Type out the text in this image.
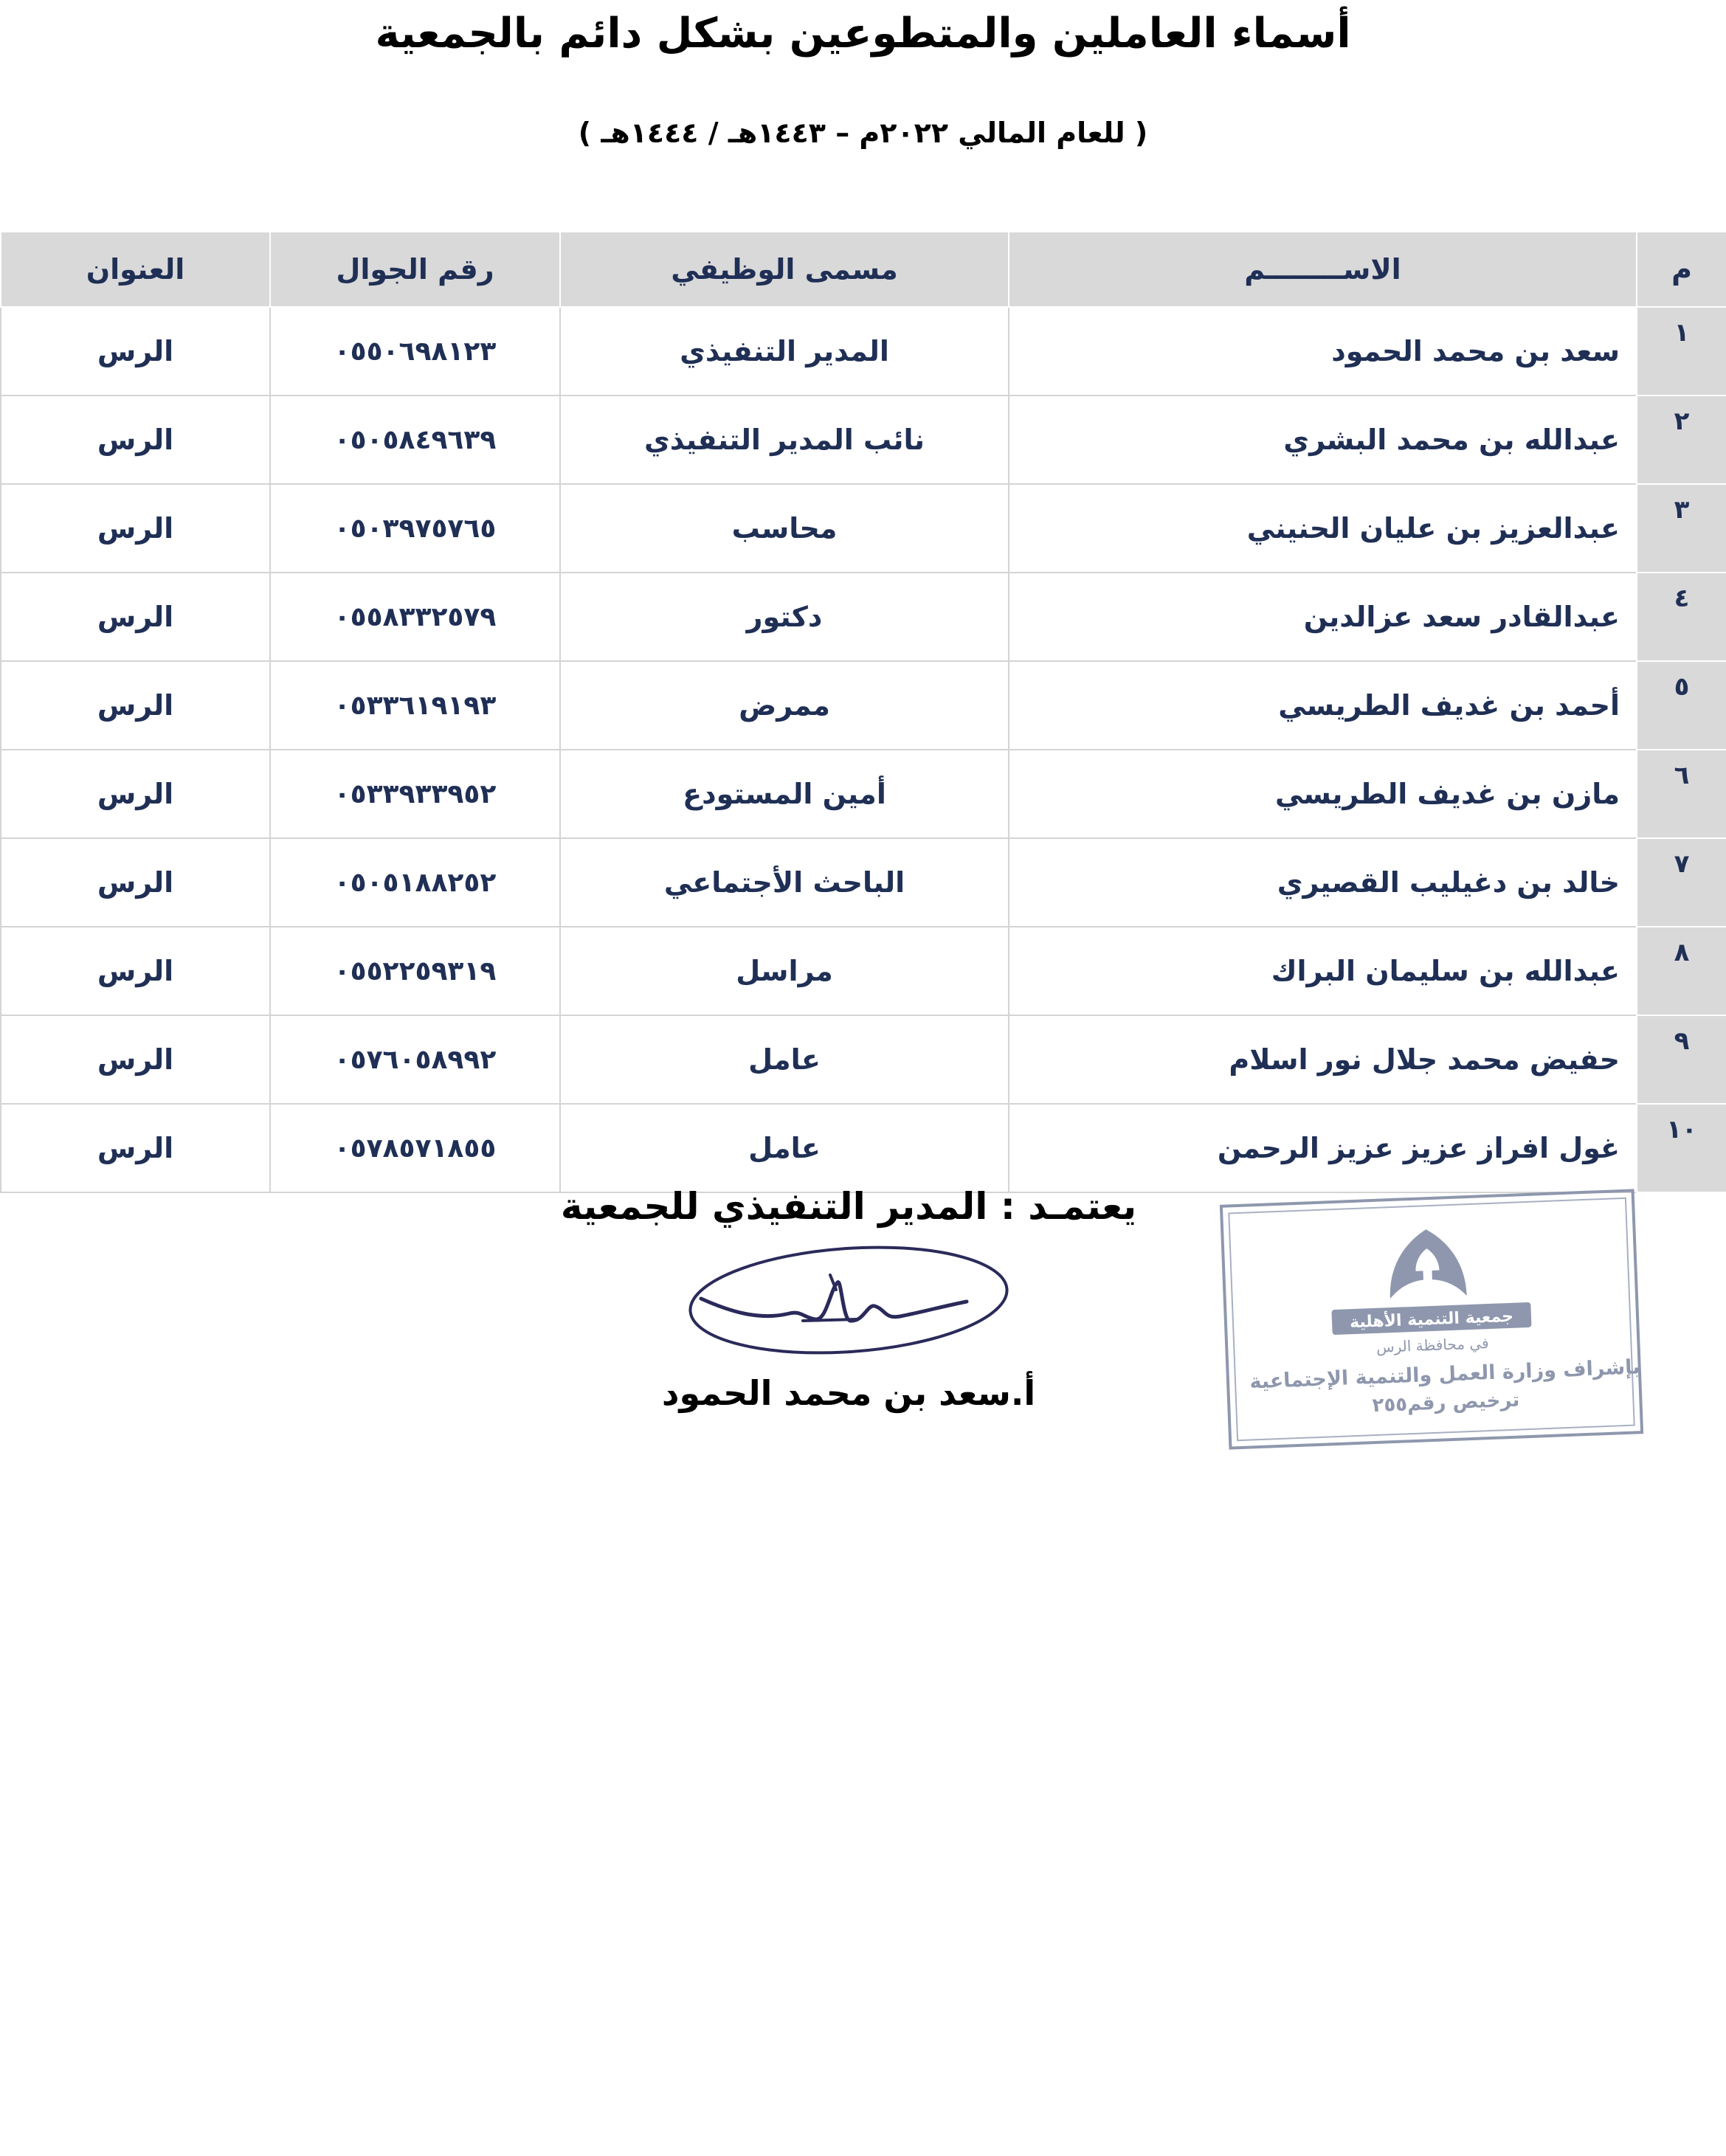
أسماء العاملين والمتطوعين بشكل دائم بالجمعية
( للعام المالي ٢٠٢٢م – ١٤٤٣هـ / ١٤٤٤هـ )
م	الاســــــــم	مسمى الوظيفي	رقم الجوال	العنوان
١	سعد بن محمد الحمود	المدير التنفيذي	٠٥٥٠٦٩٨١٢٣	الرس
٢	عبدالله بن محمد البشري	نائب المدير التنفيذي	٠٥٠٥٨٤٩٦٣٩	الرس
٣	عبدالعزيز بن عليان الحنيني	محاسب	٠٥٠٣٩٧٥٧٦٥	الرس
٤	عبدالقادر سعد عزالدين	دكتور	٠٥٥٨٣٣٢٥٧٩	الرس
٥	أحمد بن غديف الطريسي	ممرض	٠٥٣٣٦١٩١٩٣	الرس
٦	مازن بن غديف الطريسي	أمين المستودع	٠٥٣٣٩٣٣٩٥٢	الرس
٧	خالد بن دغيليب القصيري	الباحث الأجتماعي	٠٥٠٥١٨٨٢٥٢	الرس
٨	عبدالله بن سليمان البراك	مراسل	٠٥٥٢٢٥٩٣١٩	الرس
٩	حفيض محمد جلال نور اسلام	عامل	٠٥٧٦٠٥٨٩٩٢	الرس
١٠	غول افراز عزيز عزيز الرحمن	عامل	٠٥٧٨٥٧١٨٥٥	الرس
يعتمـد : المدير التنفيذي للجمعية
أ.سعد بن محمد الحمود
جمعية التنمية الأهلية
في محافظة الرس
بإشراف وزارة العمل والتنمية الإجتماعية
ترخيص رقم٢٥٥
